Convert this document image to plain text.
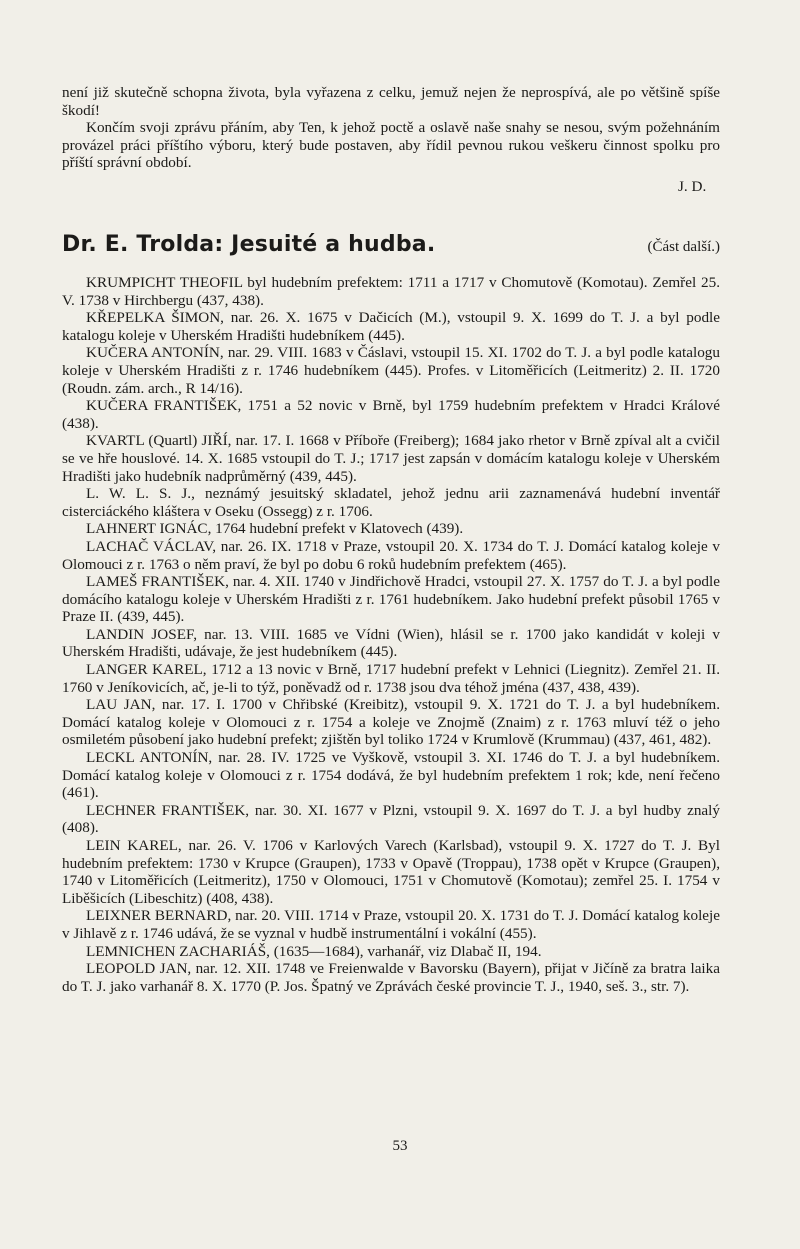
není již skutečně schopna života, byla vyřazena z celku, jemuž nejen že neprospívá, ale po většině spíše škodí!

Končím svoji zprávu přáním, aby Ten, k jehož poctě a oslavě naše snahy se nesou, svým požehnáním provázel práci příštího výboru, který bude postaven, aby řídil pevnou rukou veškeru činnost spolku pro příští správní období.

J. D.
Dr. E. Trolda: Jesuité a hudba.	(Část další.)

KRUMPICHT THEOFIL byl hudebním prefektem: 1711 a 1717 v Chomutově (Komotau). Zemřel 25. V. 1738 v Hirchbergu (437, 438).

KŘEPELKA ŠIMON, nar. 26. X. 1675 v Dačicích (M.), vstoupil 9. X. 1699 do T. J. a byl podle katalogu koleje v Uherském Hradišti hudebníkem (445).

KUČERA ANTONÍN, nar. 29. VIII. 1683 v Čáslavi, vstoupil 15. XI. 1702 do T. J. a byl podle katalogu koleje v Uherském Hradišti z r. 1746 hudebníkem (445). Profes. v Litoměřicích (Leitmeritz) 2. II. 1720 (Roudn. zám. arch., R 14/16).

KUČERA FRANTIŠEK, 1751 a 52 novic v Brně, byl 1759 hudebním prefektem v Hradci Králové (438).

KVARTL (Quartl) JIŘÍ, nar. 17. I. 1668 v Příboře (Freiberg); 1684 jako rhetor v Brně zpíval alt a cvičil se ve hře houslové. 14. X. 1685 vstoupil do T. J.; 1717 jest zapsán v domácím katalogu koleje v Uherském Hradišti jako hudebník nadprůměrný (439, 445).

L. W. L. S. J., neznámý jesuitský skladatel, jehož jednu arii zaznamenává hudební inventář cisterciáckého kláštera v Oseku (Ossegg) z r. 1706.

LAHNERT IGNÁC, 1764 hudební prefekt v Klatovech (439).

LACHAČ VÁCLAV, nar. 26. IX. 1718 v Praze, vstoupil 20. X. 1734 do T. J. Domácí katalog koleje v Olomouci z r. 1763 o něm praví, že byl po dobu 6 roků hudebním prefektem (465).

LAMEŠ FRANTIŠEK, nar. 4. XII. 1740 v Jindřichově Hradci, vstoupil 27. X. 1757 do T. J. a byl podle domácího katalogu koleje v Uherském Hradišti z r. 1761 hudebníkem. Jako hudební prefekt působil 1765 v Praze II. (439, 445).

LANDIN JOSEF, nar. 13. VIII. 1685 ve Vídni (Wien), hlásil se r. 1700 jako kandidát v koleji v Uherském Hradišti, udávaje, že jest hudebníkem (445).

LANGER KAREL, 1712 a 13 novic v Brně, 1717 hudební prefekt v Lehnici (Liegnitz). Zemřel 21. II. 1760 v Jeníkovicích, ač, je-li to týž, poněvadž od r. 1738 jsou dva téhož jména (437, 438, 439).

LAU JAN, nar. 17. I. 1700 v Chřibské (Kreibitz), vstoupil 9. X. 1721 do T. J. a byl hudebníkem. Domácí katalog koleje v Olomouci z r. 1754 a koleje ve Znojmě (Znaim) z r. 1763 mluví též o jeho osmiletém působení jako hudební prefekt; zjištěn byl toliko 1724 v Krumlově (Krummau) (437, 461, 482).

LECKL ANTONÍN, nar. 28. IV. 1725 ve Vyškově, vstoupil 3. XI. 1746 do T. J. a byl hudebníkem. Domácí katalog koleje v Olomouci z r. 1754 dodává, že byl hudebním prefektem 1 rok; kde, není řečeno (461).

LECHNER FRANTIŠEK, nar. 30. XI. 1677 v Plzni, vstoupil 9. X. 1697 do T. J. a byl hudby znalý (408).

LEIN KAREL, nar. 26. V. 1706 v Karlových Varech (Karlsbad), vstoupil 9. X. 1727 do T. J. Byl hudebním prefektem: 1730 v Krupce (Graupen), 1733 v Opavě (Troppau), 1738 opět v Krupce (Graupen), 1740 v Litoměřicích (Leitmeritz), 1750 v Olomouci, 1751 v Chomutově (Komotau); zemřel 25. I. 1754 v Liběšicích (Libeschitz) (408, 438).

LEIXNER BERNARD, nar. 20. VIII. 1714 v Praze, vstoupil 20. X. 1731 do T. J. Domácí katalog koleje v Jihlavě z r. 1746 udává, že se vyznal v hudbě instrumentální i vokální (455).

LEMNICHEN ZACHARIÁŠ, (1635—1684), varhanář, viz Dlabač II, 194.

LEOPOLD JAN, nar. 12. XII. 1748 ve Freienwalde v Bavorsku (Bayern), přijat v Jičíně za bratra laika do T. J. jako varhanář 8. X. 1770 (P. Jos. Špatný ve Zprávách české provincie T. J., 1940, seš. 3., str. 7).

53
